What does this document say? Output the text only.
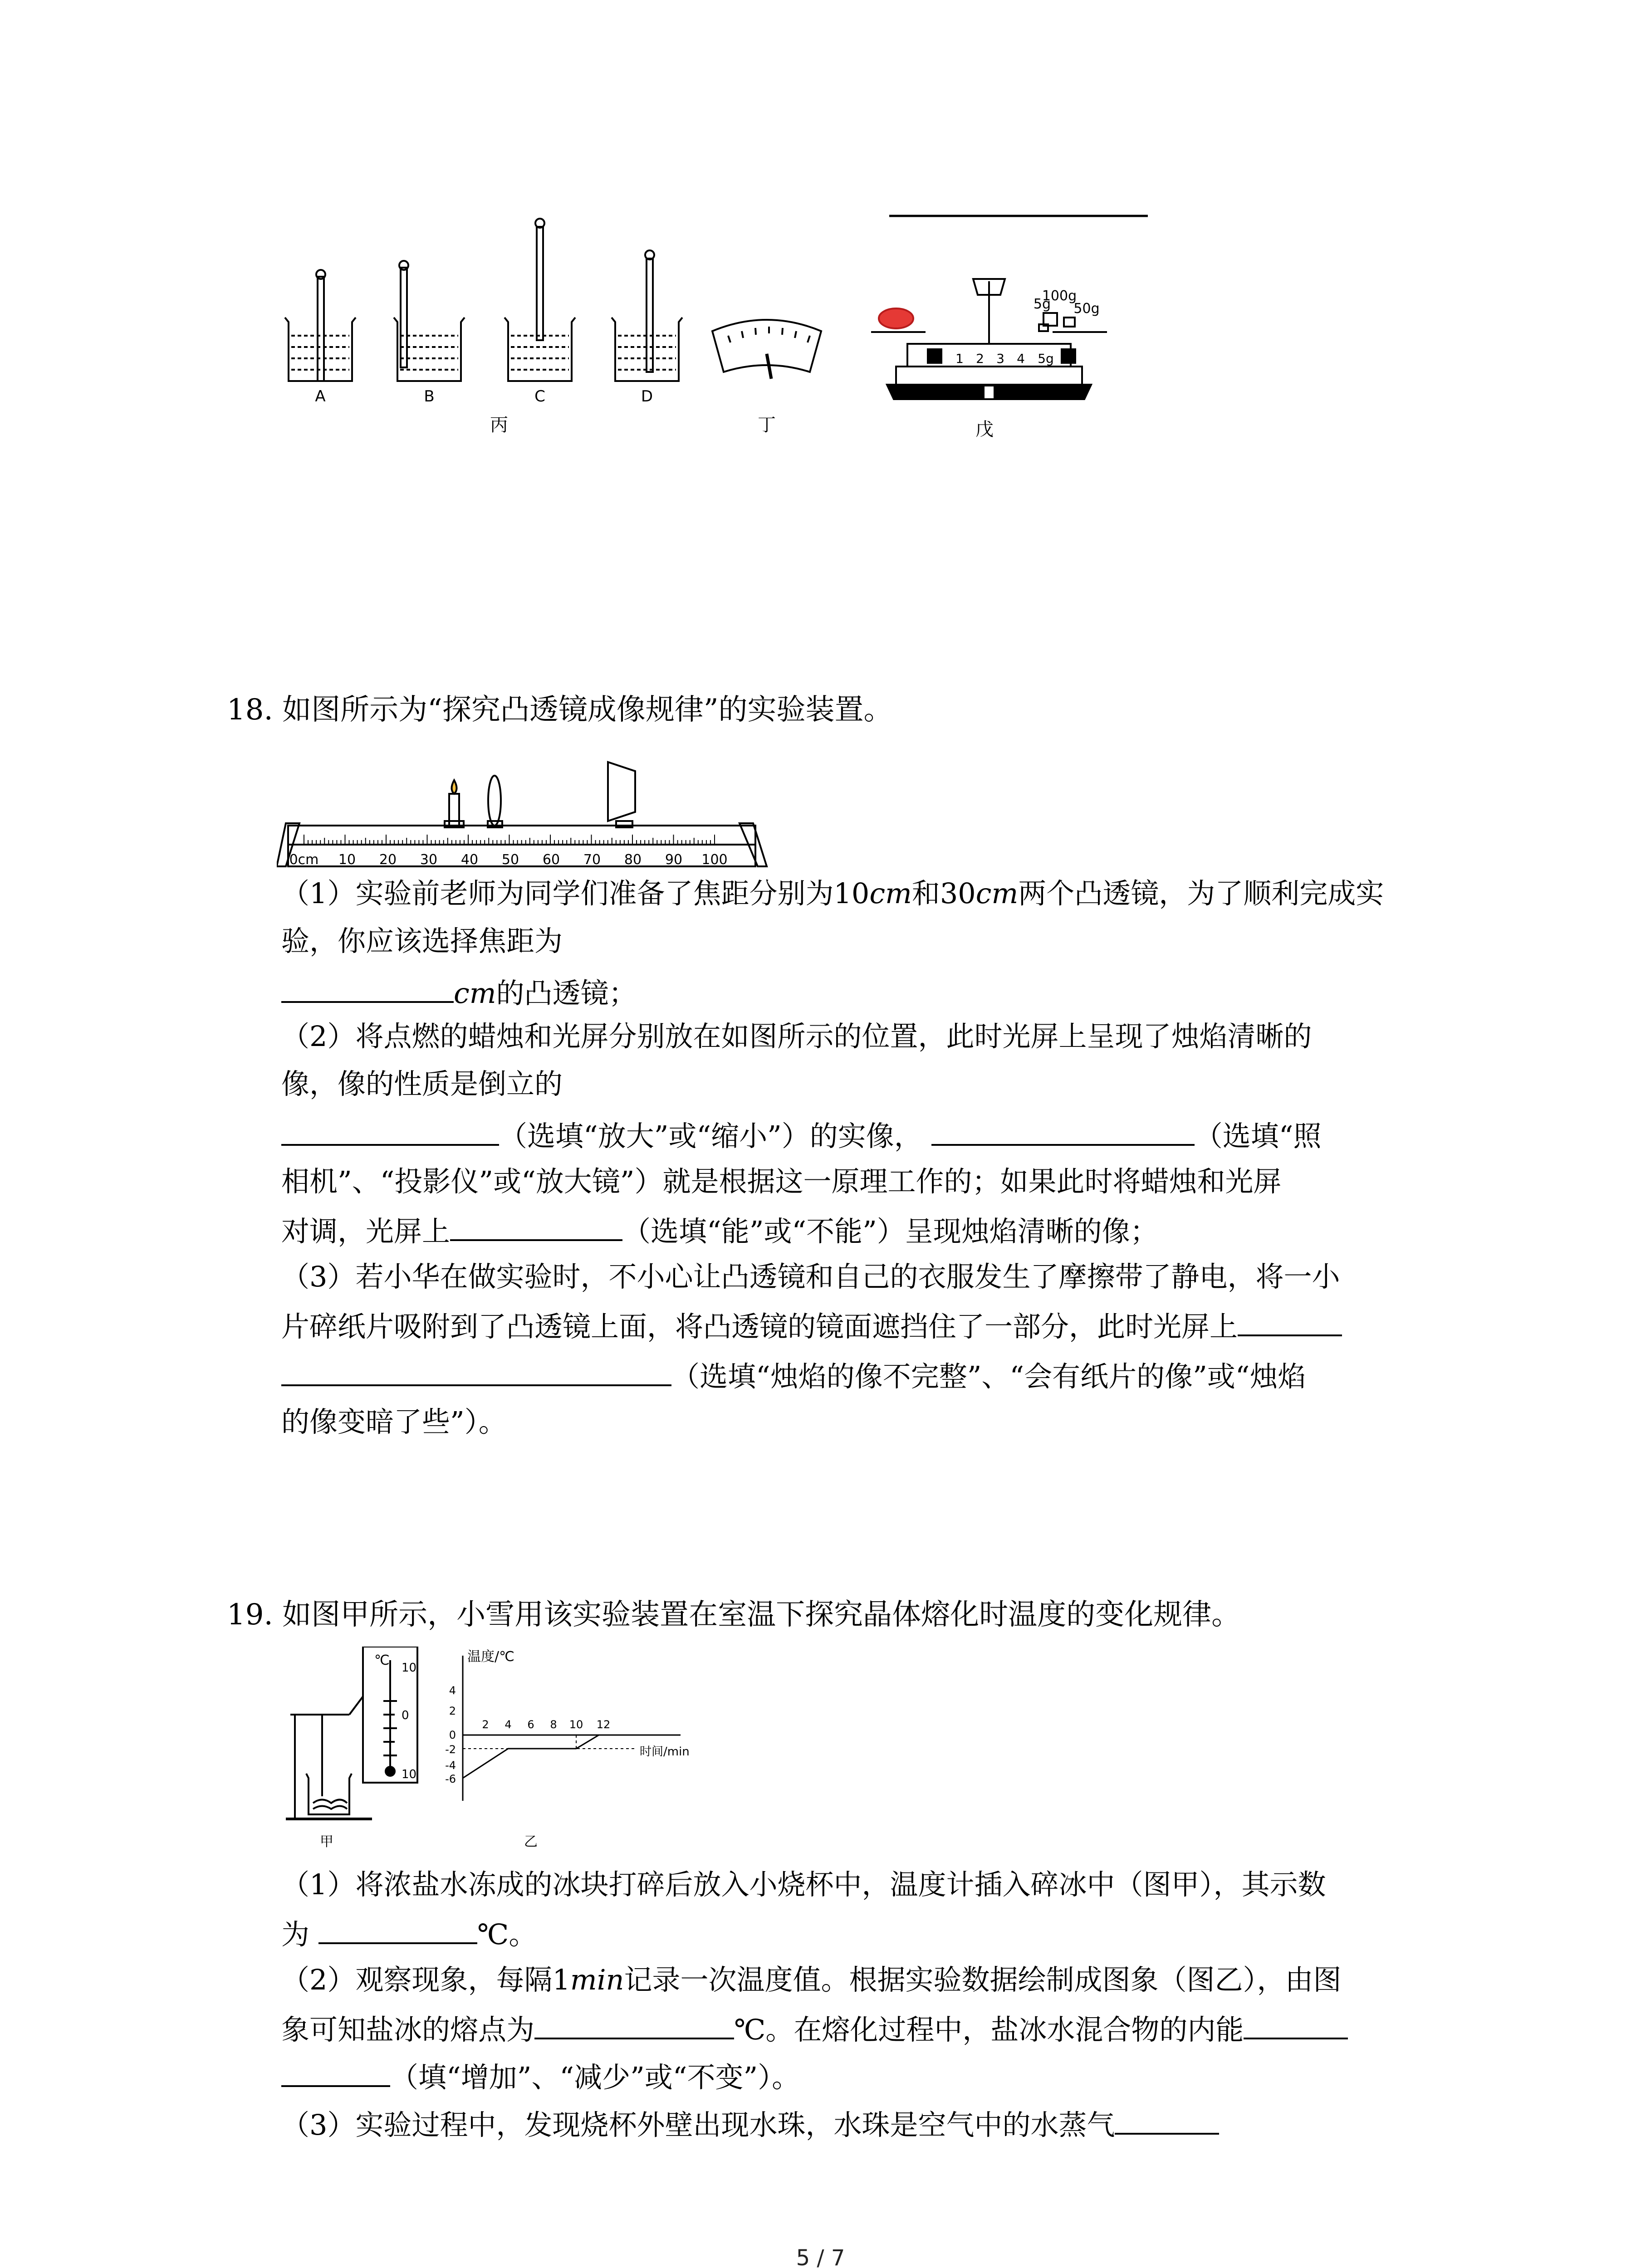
A	B	C	D
丙	丁
5g
100g
50g
0 1 2 3 4 5g
戊
18. 如图所示为“探究凸透镜成像规律”的实验装置。
0cm 10 20 30 40 50 60 70 80 90 100
（1）实验前老师为同学们准备了焦距分别为10cm和30cm两个凸透镜，为了顺利完成实
验，你应该选择焦距为
cm的凸透镜；
（2）将点燃的蜡烛和光屏分别放在如图所示的位置，此时光屏上呈现了烛焰清晰的
像，像的性质是倒立的
（选填“放大”或“缩小”）的实像，	（选填“照
相机”、“投影仪”或“放大镜”）就是根据这一原理工作的；如果此时将蜡烛和光屏
对调，光屏上	（选填“能”或“不能”）呈现烛焰清晰的像；
（3）若小华在做实验时，不小心让凸透镜和自己的衣服发生了摩擦带了静电，将一小
片碎纸片吸附到了凸透镜上面，将凸透镜的镜面遮挡住了一部分，此时光屏上
（选填“烛焰的像不完整”、“会有纸片的像”或“烛焰
的像变暗了些”）。
19. 如图甲所示，小雪用该实验装置在室温下探究晶体熔化时温度的变化规律。
℃ 10
0
10
甲
温度/℃
时间/min
4
2
0
-2
-4
-6
2 4 6 8 10 12
乙
（1）将浓盐水冻成的冰块打碎后放入小烧杯中，温度计插入碎冰中（图甲），其示数
为	℃。
（2）观察现象，每隔1min记录一次温度值。根据实验数据绘制成图象（图乙），由图
象可知盐冰的熔点为	℃。在熔化过程中，盐冰水混合物的内能
（填“增加”、“减少”或“不变”）。
（3）实验过程中，发现烧杯外壁出现水珠，水珠是空气中的水蒸气
5 / 7
